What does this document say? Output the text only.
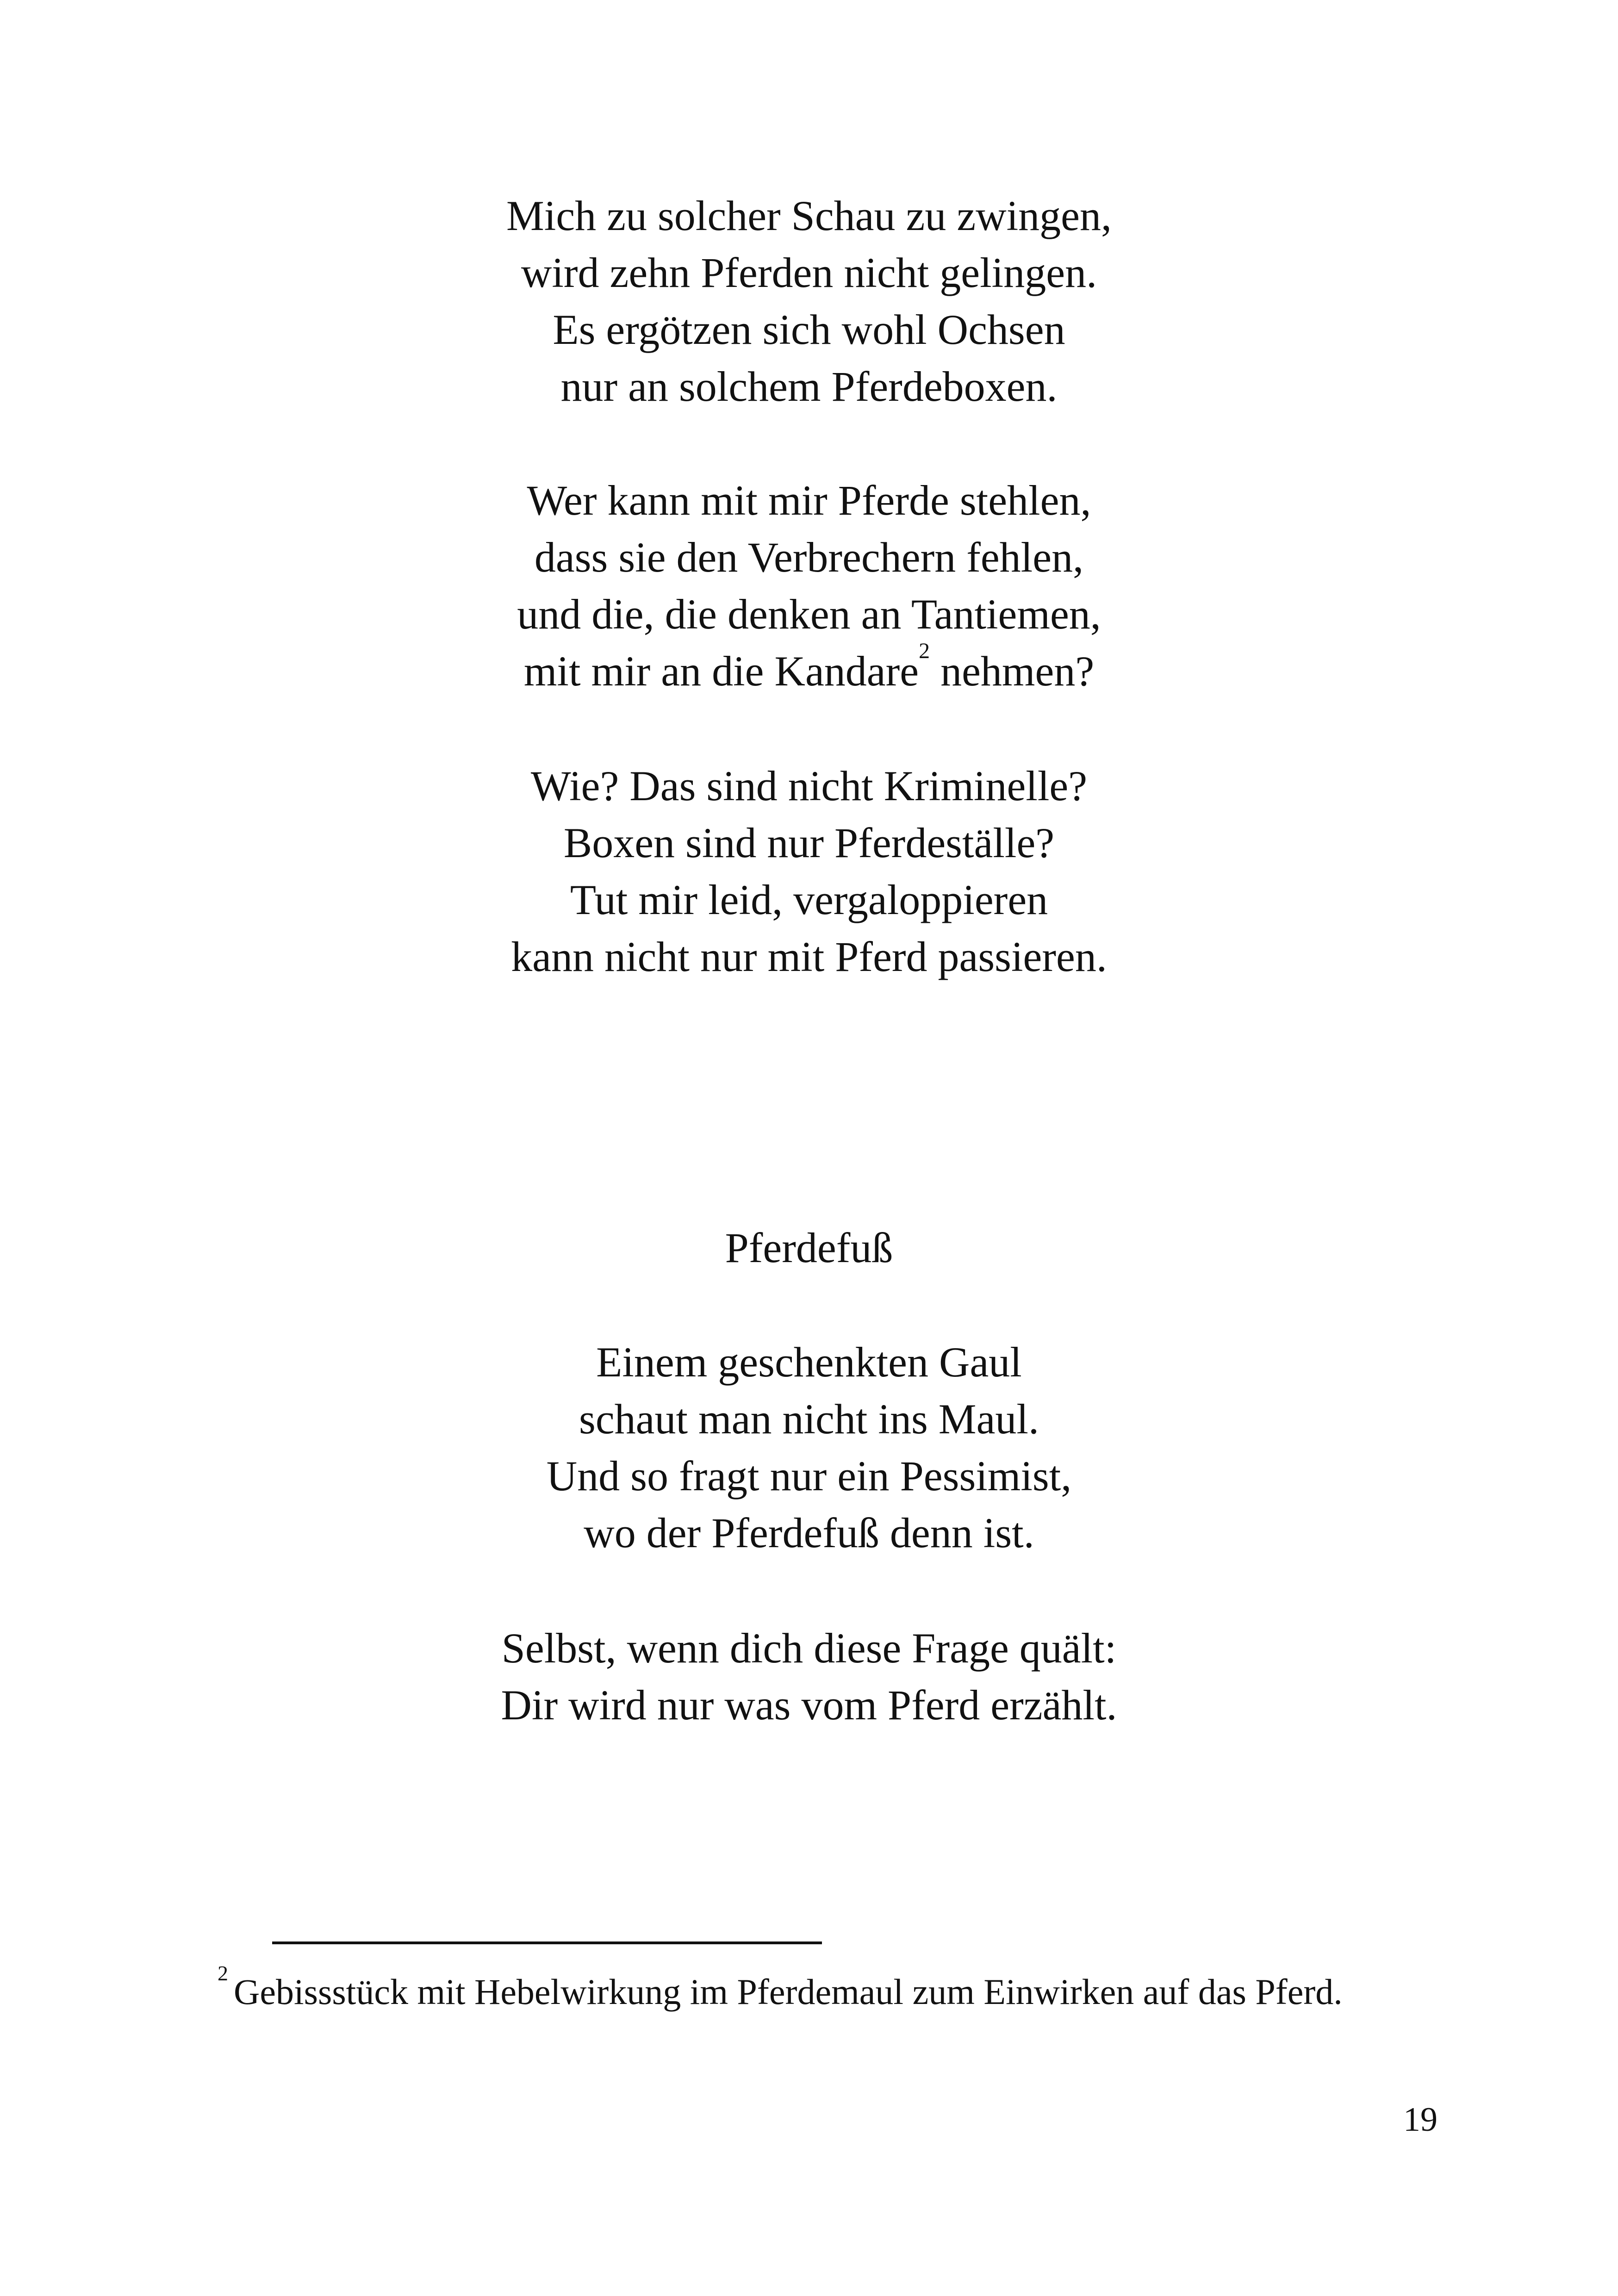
Mich zu solcher Schau zu zwingen,
wird zehn Pferden nicht gelingen.
Es ergötzen sich wohl Ochsen
nur an solchem Pferdeboxen.
Wer kann mit mir Pferde stehlen,
dass sie den Verbrechern fehlen,
und die, die denken an Tantiemen,
mit mir an die Kandare$^2$ nehmen?
Wie? Das sind nicht Kriminelle?
Boxen sind nur Pferdeställe?
Tut mir leid, vergaloppieren
kann nicht nur mit Pferd passieren.
Pferdefuß
Einem geschenkten Gaul
schaut man nicht ins Maul.
Und so fragt nur ein Pessimist,
wo der Pferdefuß denn ist.
Selbst, wenn dich diese Frage quält:
Dir wird nur was vom Pferd erzählt.
$^2$ Gebissstück mit Hebelwirkung im Pferdemaul zum Einwirken auf das Pferd.
19
